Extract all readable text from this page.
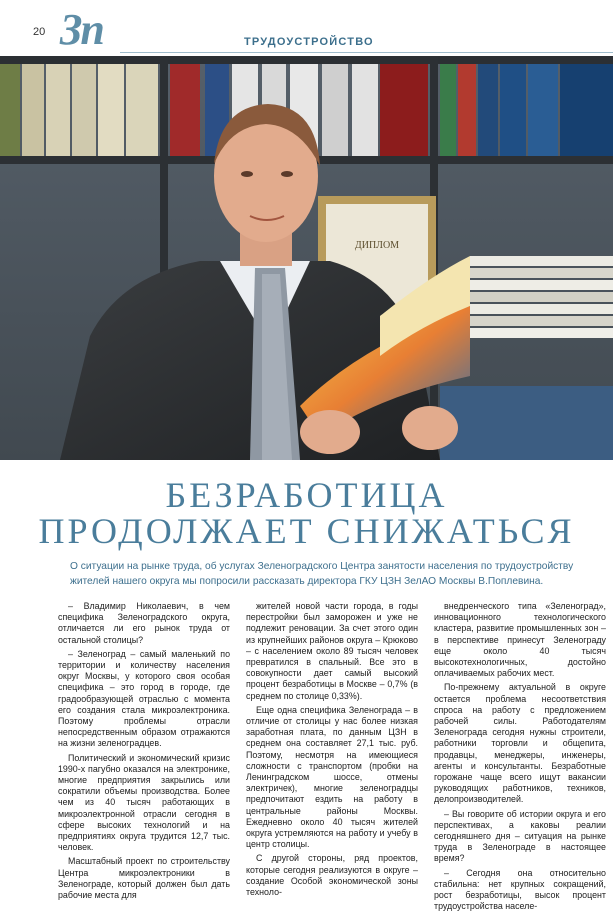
20 Зп	ТРУДОУСТРОЙСТВО
ДИПЛОМ
БЕЗРАБОТИЦА
ПРОДОЛЖАЕТ СНИЖАТЬСЯ
О ситуации на рынке труда, об услугах Зеленоградского Центра занятости населения по трудоустройству жителей нашего округа мы попросили рассказать директора ГКУ ЦЗН ЗелАО Москвы В.Поплевина.

– Владимир Николаевич, в чем специфика Зеленоградского округа, отличается ли его рынок труда от остальной столицы?

– Зеленоград – самый маленький по территории и количеству населения округ Москвы, у которого своя особая специфика – это город в городе, где градообразующей отраслью с момента его создания стала микроэлектроника. Поэтому проблемы отрасли непосредственным образом отражаются на жизни зеленоградцев.

Политический и экономический кризис 1990-х пагубно оказался на электронике, многие предприятия закрылись или сократили объемы производства. Более чем из 40 тысяч работающих в микроэлектронной отрасли сегодня в сфере высоких технологий и на предприятиях округа трудится 12,7 тыс. человек.

Масштабный проект по строительству Центра микроэлектроники в Зеленограде, который должен был дать рабочие места для

жителей новой части города, в годы перестройки был заморожен и уже не подлежит реновации. За счет этого один из крупнейших районов округа – Крюково – с населением около 89 тысяч человек превратился в спальный. Все это в совокупности дает самый высокий процент безработицы в Москве – 0,7% (в среднем по столице 0,33%).

Еще одна специфика Зеленограда – в отличие от столицы у нас более низкая заработная плата, по данным ЦЗН в среднем она составляет 27,1 тыс. руб. Поэтому, несмотря на имеющиеся сложности с транспортом (пробки на Ленинградском шоссе, отмены электричек), многие зеленоградцы предпочитают ездить на работу в центральные районы Москвы. Ежедневно около 40 тысяч жителей округа устремляются на работу и учебу в центр столицы.

С другой стороны, ряд проектов, которые сегодня реализуются в округе – создание Особой экономической зоны техноло-

внедренческого типа «Зеленоград», инновационного технологического кластера, развитие промышленных зон – в перспективе принесут Зеленограду еще около 40 тысяч высокотехнологичных, достойно оплачиваемых рабочих мест.

По-прежнему актуальной в округе остается проблема несоответствия спроса на работу с предложением рабочей силы. Работодателям Зеленограда сегодня нужны строители, работники торговли и общепита, продавцы, менеджеры, инженеры, агенты и консультанты. Безработные горожане чаще всего ищут вакансии руководящих работников, техников, делопроизводителей.

– Вы говорите об истории округа и его перспективах, а каковы реалии сегодняшнего дня – ситуация на рынке труда в Зеленограде в настоящее время?

– Сегодня она относительно стабильна: нет крупных сокращений, рост безработицы, высок процент трудоустройства населе-
